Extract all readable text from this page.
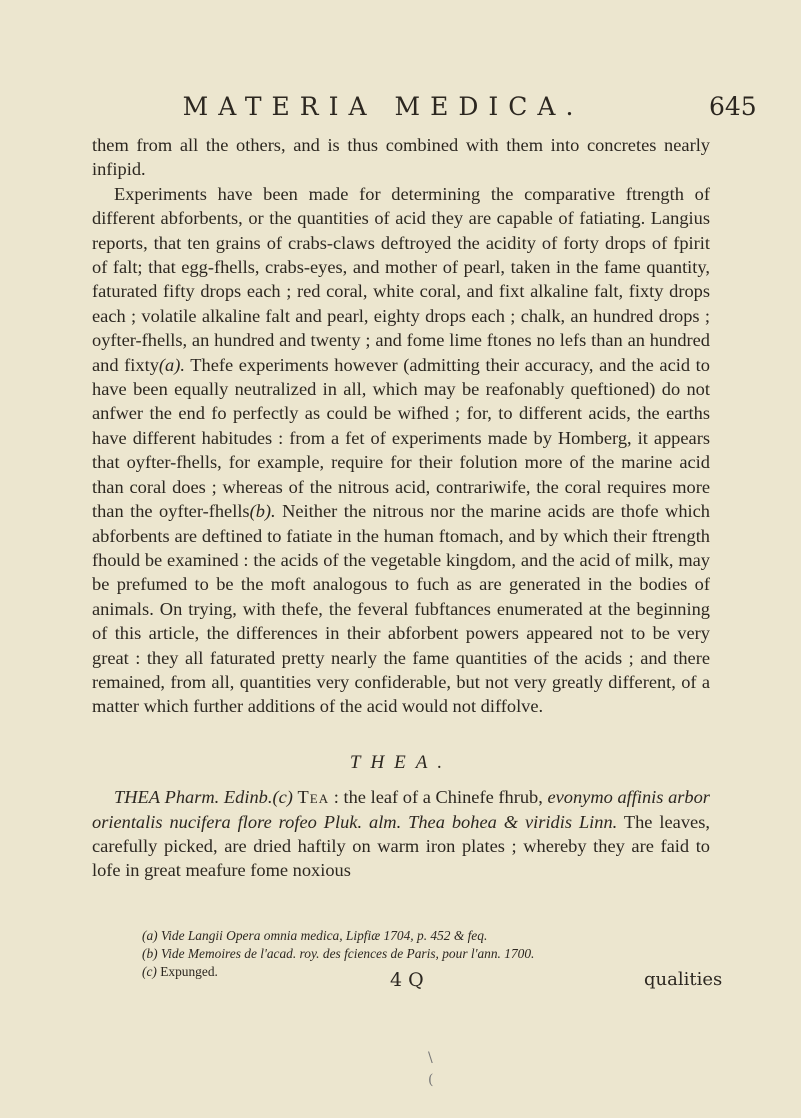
MATERIA MEDICA.	645

them from all the others, and is thus combined with them into concretes nearly infipid.

Experiments have been made for determining the comparative ftrength of different abforbents, or the quantities of acid they are capable of fatiating. Langius reports, that ten grains of crabs-claws deftroyed the acidity of forty drops of fpirit of falt; that egg-fhells, crabs-eyes, and mother of pearl, taken in the fame quantity, faturated fifty drops each ; red coral, white coral, and fixt alkaline falt, fixty drops each ; volatile alkaline falt and pearl, eighty drops each ; chalk, an hundred drops ; oyfter-fhells, an hundred and twenty ; and fome lime ftones no lefs than an hundred and fixty(a). Thefe experiments however (admitting their accuracy, and the acid to have been equally neutralized in all, which may be reafonably queftioned) do not anfwer the end fo perfectly as could be wifhed ; for, to different acids, the earths have different habitudes : from a fet of experiments made by Homberg, it appears that oyfter-fhells, for example, require for their folution more of the marine acid than coral does ; whereas of the nitrous acid, contrariwife, the coral requires more than the oyfter-fhells(b). Neither the nitrous nor the marine acids are thofe which abforbents are deftined to fatiate in the human ftomach, and by which their ftrength fhould be examined : the acids of the vegetable kingdom, and the acid of milk, may be prefumed to be the moft analogous to fuch as are generated in the bodies of animals. On trying, with thefe, the feveral fubftances enumerated at the beginning of this article, the differences in their abforbent powers appeared not to be very great : they all faturated pretty nearly the fame quantities of the acids ; and there remained, from all, quantities very confiderable, but not very greatly different, of a matter which further additions of the acid would not diffolve.

THEA.

THEA Pharm. Edinb.(c) Tea : the leaf of a Chinefe fhrub, evonymo affinis arbor orientalis nucifera flore rofeo Pluk. alm. Thea bohea & viridis Linn. The leaves, carefully picked, are dried haftily on warm iron plates ; whereby they are faid to lofe in great meafure fome noxious

(a) Vide Langii Opera omnia medica, Lipfiæ 1704, p. 452 & feq.

(b) Vide Memoires de l'acad. roy. des fciences de Paris, pour l'ann. 1700.

(c) Expunged.	4 Q	qualities
\
(
